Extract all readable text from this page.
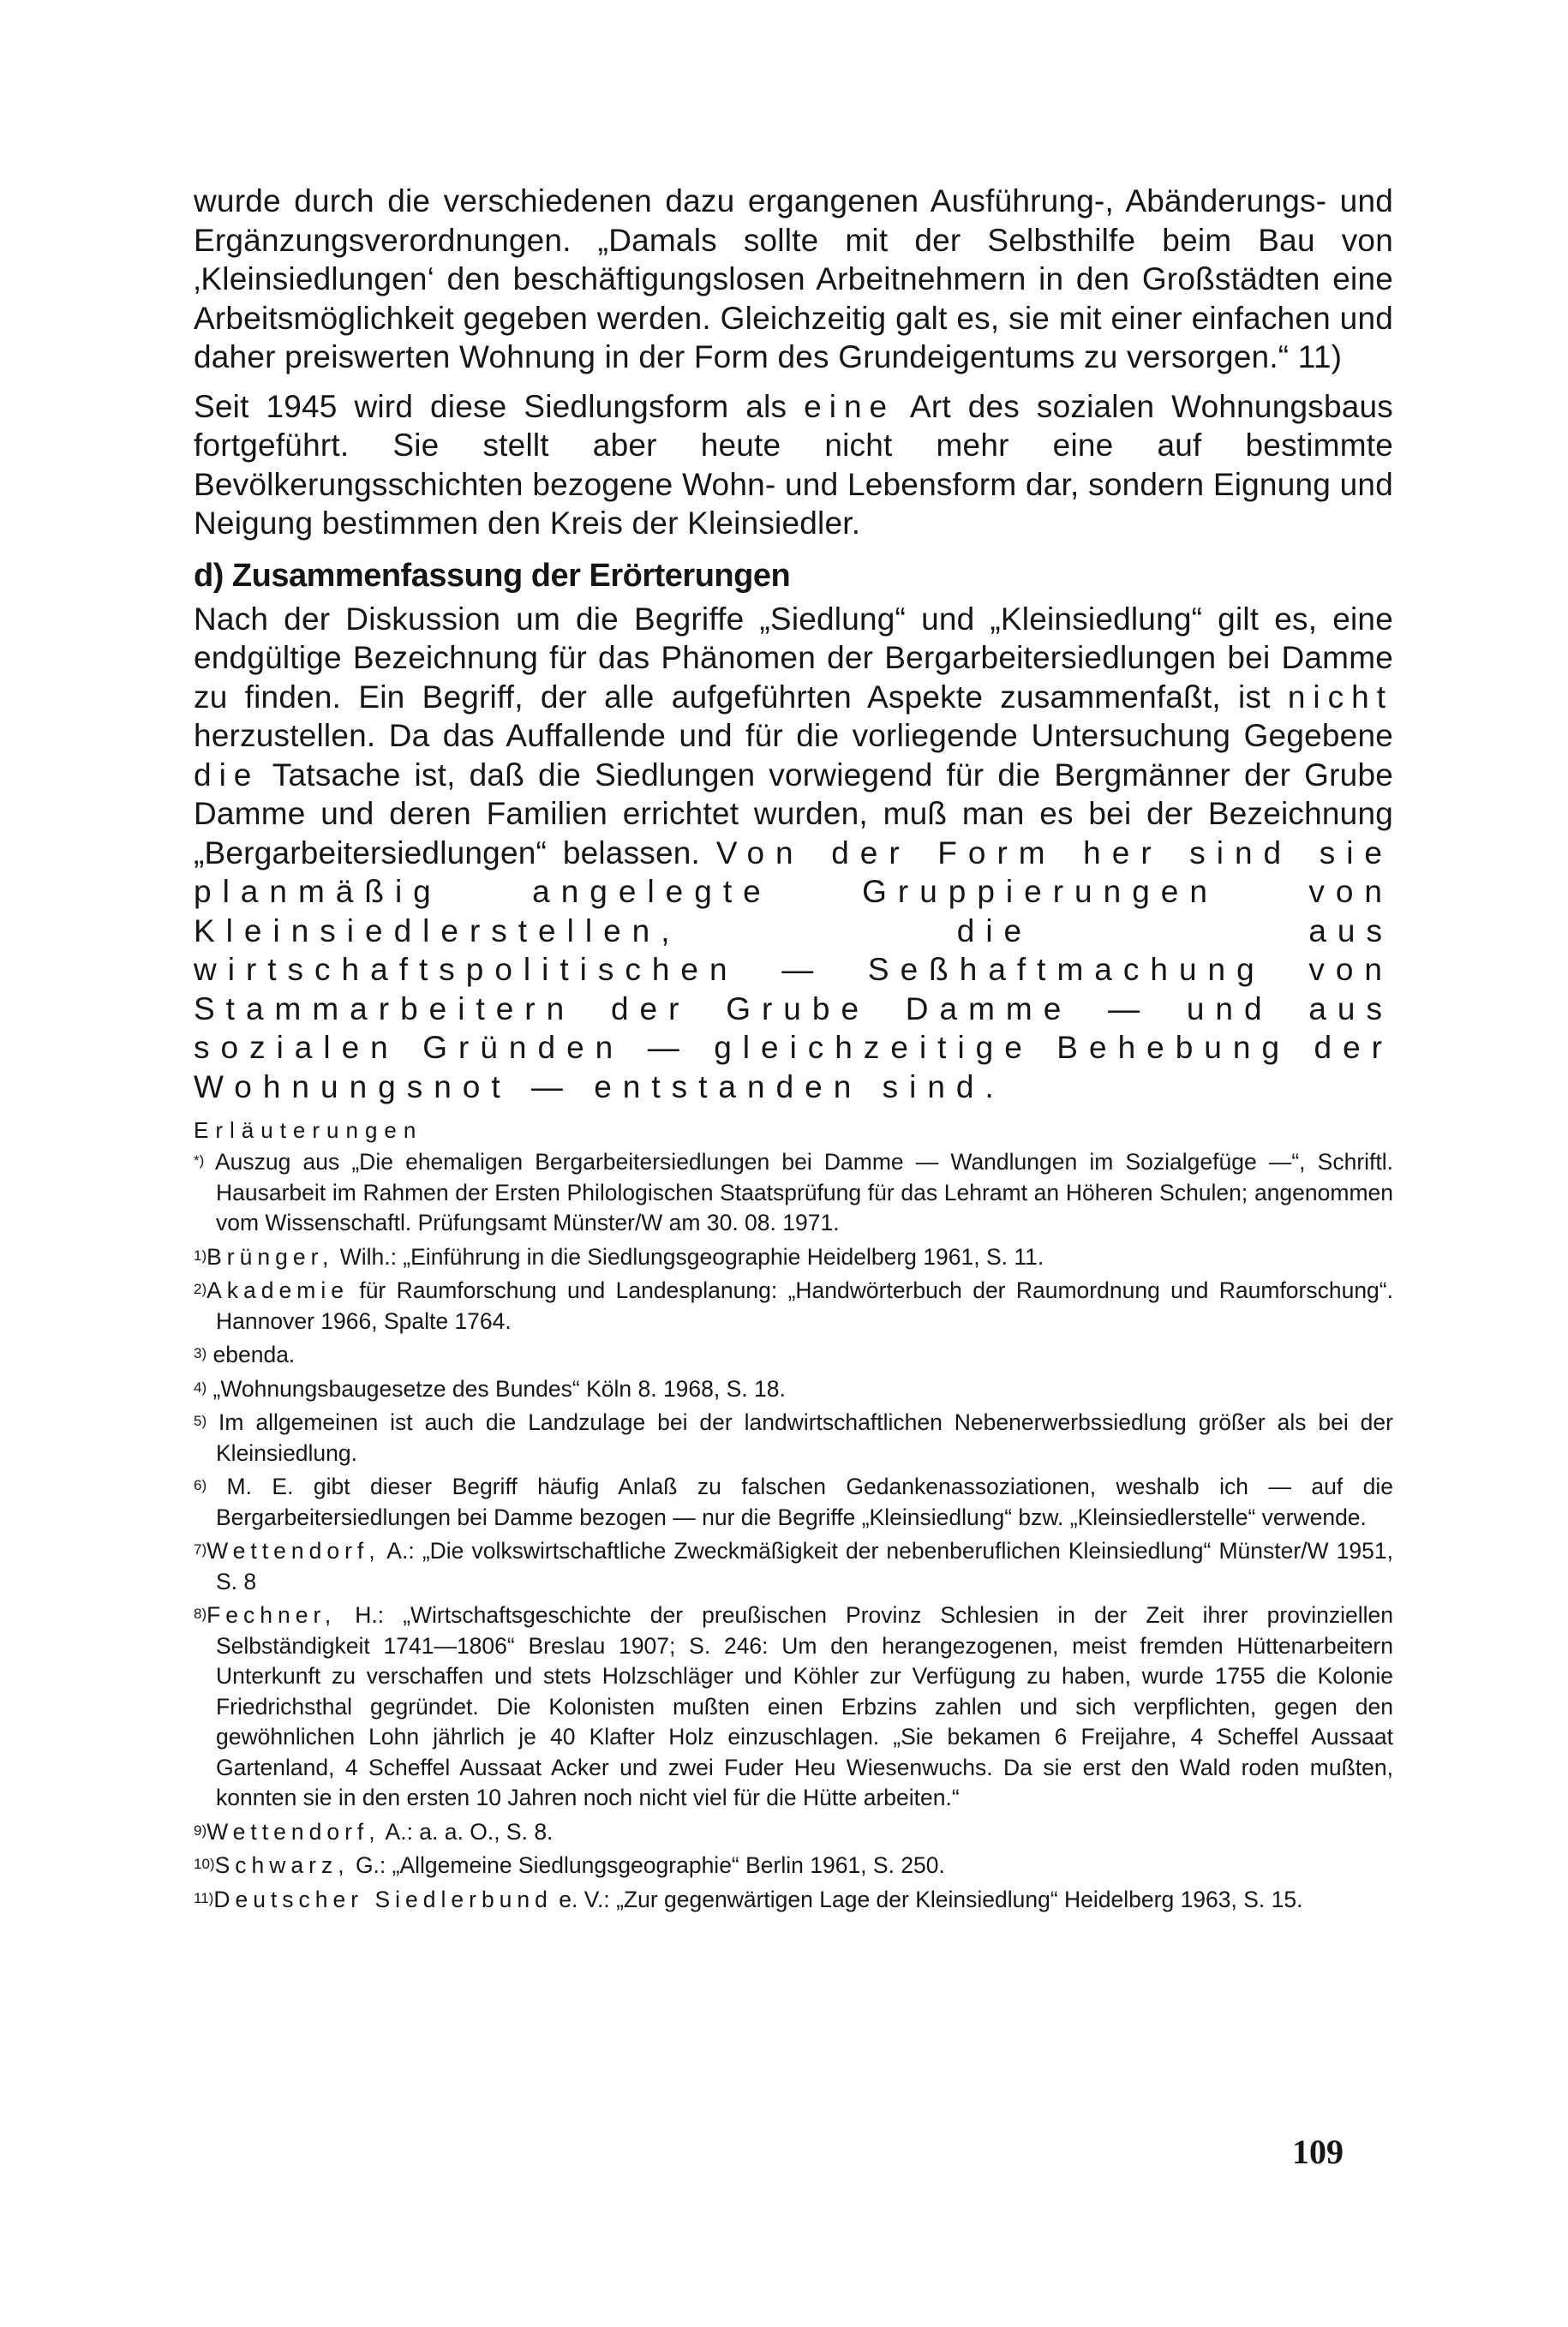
wurde durch die verschiedenen dazu ergangenen Ausführung-, Abänderungs- und Ergänzungsverordnungen. „Damals sollte mit der Selbsthilfe beim Bau von ‚Kleinsiedlungen‘ den beschäftigungslosen Arbeitnehmern in den Großstädten eine Arbeitsmöglichkeit gegeben werden. Gleichzeitig galt es, sie mit einer einfachen und daher preiswerten Wohnung in der Form des Grundeigentums zu versorgen.“ 11)

Seit 1945 wird diese Siedlungsform als eine Art des sozialen Wohnungsbaus fortgeführt. Sie stellt aber heute nicht mehr eine auf bestimmte Bevölkerungsschichten bezogene Wohn- und Lebensform dar, sondern Eignung und Neigung bestimmen den Kreis der Kleinsiedler.

d) Zusammenfassung der Erörterungen

Nach der Diskussion um die Begriffe „Siedlung“ und „Kleinsiedlung“ gilt es, eine endgültige Bezeichnung für das Phänomen der Bergarbeitersiedlungen bei Damme zu finden. Ein Begriff, der alle aufgeführten Aspekte zusammenfaßt, ist nicht herzustellen. Da das Auffallende und für die vorliegende Untersuchung Gegebene die Tatsache ist, daß die Siedlungen vorwiegend für die Bergmänner der Grube Damme und deren Familien errichtet wurden, muß man es bei der Bezeichnung „Bergarbeitersiedlungen“ belassen. Von der Form her sind sie planmäßig angelegte Gruppierungen von Kleinsiedlerstellen, die aus wirtschaftspolitischen — Seßhaftmachung von Stammarbeitern der Grube Damme — und aus sozialen Gründen — gleichzeitige Behebung der Wohnungsnot — entstanden sind.

Erläuterungen

*) Auszug aus „Die ehemaligen Bergarbeitersiedlungen bei Damme — Wandlungen im Sozialgefüge —“, Schriftl. Hausarbeit im Rahmen der Ersten Philologischen Staatsprüfung für das Lehramt an Höheren Schulen; angenommen vom Wissenschaftl. Prüfungsamt Münster/W am 30. 08. 1971.

$^{1)}$Brünger, Wilh.: „Einführung in die Siedlungsgeographie Heidelberg 1961, S. 11.

$^{2)}$Akademie für Raumforschung und Landesplanung: „Handwörterbuch der Raumordnung und Raumforschung“. Hannover 1966, Spalte 1764.

$^{3)}$ ebenda.

$^{4)}$ „Wohnungsbaugesetze des Bundes“ Köln 8. 1968, S. 18.

$^{5)}$ Im allgemeinen ist auch die Landzulage bei der landwirtschaftlichen Nebenerwerbssiedlung größer als bei der Kleinsiedlung.

$^{6)}$ M. E. gibt dieser Begriff häufig Anlaß zu falschen Gedankenassoziationen, weshalb ich — auf die Bergarbeitersiedlungen bei Damme bezogen — nur die Begriffe „Kleinsiedlung“ bzw. „Kleinsiedlerstelle“ verwende.

$^{7)}$Wettendorf, A.: „Die volkswirtschaftliche Zweckmäßigkeit der nebenberuflichen Kleinsiedlung“ Münster/W 1951, S. 8

$^{8)}$Fechner, H.: „Wirtschaftsgeschichte der preußischen Provinz Schlesien in der Zeit ihrer provinziellen Selbständigkeit 1741—1806“ Breslau 1907; S. 246: Um den herangezogenen, meist fremden Hüttenarbeitern Unterkunft zu verschaffen und stets Holzschläger und Köhler zur Verfügung zu haben, wurde 1755 die Kolonie Friedrichsthal gegründet. Die Kolonisten mußten einen Erbzins zahlen und sich verpflichten, gegen den gewöhnlichen Lohn jährlich je 40 Klafter Holz einzuschlagen. „Sie bekamen 6 Freijahre, 4 Scheffel Aussaat Gartenland, 4 Scheffel Aussaat Acker und zwei Fuder Heu Wiesenwuchs. Da sie erst den Wald roden mußten, konnten sie in den ersten 10 Jahren noch nicht viel für die Hütte arbeiten.“

$^{9)}$Wettendorf, A.: a. a. O., S. 8.

$^{10)}$Schwarz, G.: „Allgemeine Siedlungsgeographie“ Berlin 1961, S. 250.

$^{11)}$Deutscher Siedlerbund e. V.: „Zur gegenwärtigen Lage der Kleinsiedlung“ Heidelberg 1963, S. 15.

109
